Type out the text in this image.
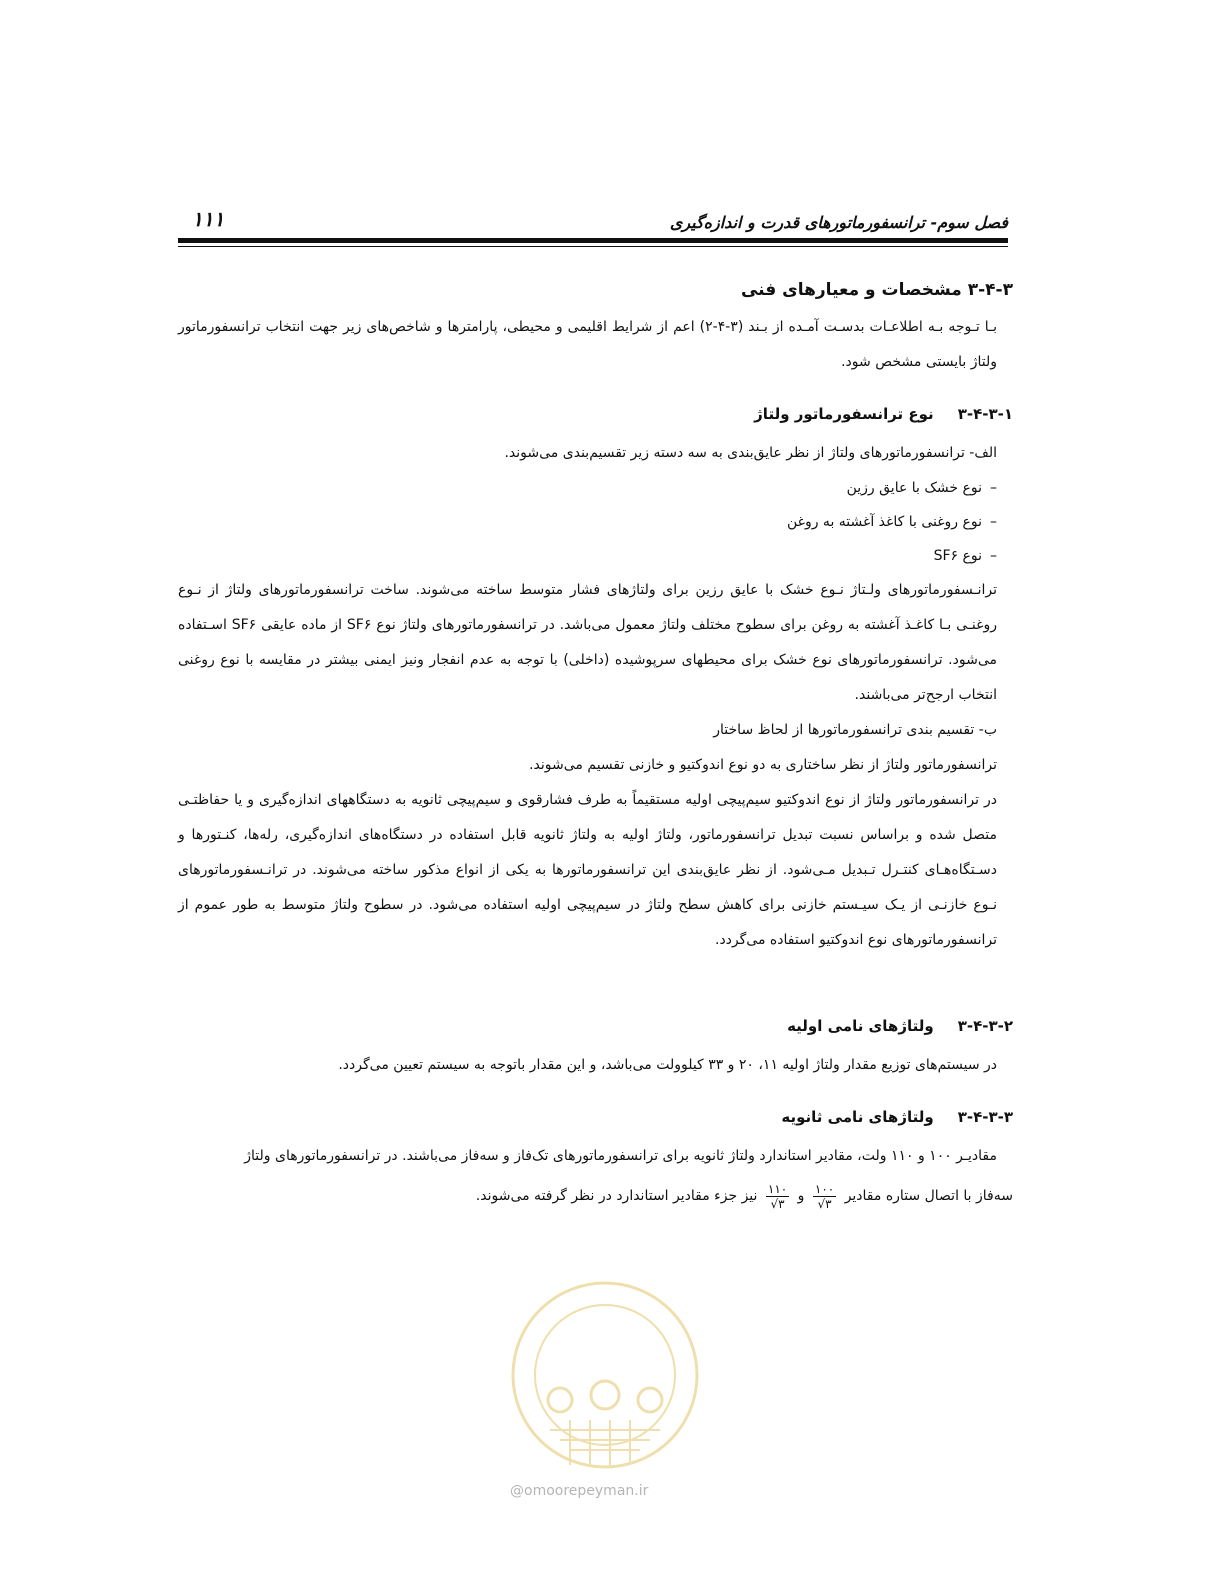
فصل سوم- ترانسفورماتورهای قدرت و اندازه‌گیری
۱۱۱
۳-۴-۳ مشخصات و معیارهای فنی

بـا تـوجه بـه اطلاعـات بدسـت آمـده از بـند (۳-۴-۲) اعم از شرایط اقلیمی و محیطی، پارامترها و شاخص‌های زیر جهت انتخاب ترانسفورماتور ولتاژ بایستی مشخص شود.

۳-۴-۳-۱نوع ترانسفورماتور ولتاژ

الف- ترانسفورماتورهای ولتاژ از نظر عایق‌بندی به سه دسته زیر تقسیم‌بندی می‌شوند.

–نوع خشک با عایق رزین

–نوع روغنی با کاغذ آغشته به روغن

–نوع SF۶

ترانـسفورماتورهای ولـتاژ نـوع خشک با عایق رزین برای ولتاژهای فشار متوسط ساخته می‌شوند. ساخت ترانسفورماتورهای ولتاژ از نـوع روغنـی بـا کاغـذ آغشته به روغن برای سطوح مختلف ولتاژ معمول می‌باشد. در ترانسفورماتورهای ولتاژ نوع SF۶ از ماده عایقی SF۶ اسـتفاده می‌شود. ترانسفورماتورهای نوع خشک برای محیطهای سرپوشیده (داخلی) با توجه به عدم انفجار ونیز ایمنی بیشتر در مقایسه با نوع روغنی انتخاب ارجح‌تر می‌باشند.

ب- تقسیم بندی ترانسفورماتورها از لحاظ ساختار

ترانسفورماتور ولتاژ از نظر ساختاری به دو نوع اندوکتیو و خازنی تقسیم می‌شوند.

در ترانسفورماتور ولتاژ از نوع اندوکتیو سیم‌پیچی اولیه مستقیماً به طرف فشارقوی و سیم‌پیچی ثانویه به دستگاههای اندازه‌گیری و یا حفاظتـی متصل شده و براساس نسبت تبدیل ترانسفورماتور، ولتاژ اولیه به ولتاژ ثانویه قابل استفاده در دستگاه‌های اندازه‌گیری، رله‌ها، کنـتورها و دسـتگاه‌هـای کنتـرل تـبدیل مـی‌شود. از نظر عایق‌بندی این ترانسفورماتورها به یکی از انواع مذکور ساخته می‌شوند. در ترانـسفورماتورهای نـوع خازنـی از یـک سیـستم خازنی برای کاهش سطح ولتاژ در سیم‌پیچی اولیه استفاده می‌شود. در سطوح ولتاژ متوسط به طور عموم از ترانسفورماتورهای نوع اندوکتیو استفاده می‌گردد.

۳-۴-۳-۲ولتاژهای نامی اولیه

در سیستم‌های توزیع مقدار ولتاژ اولیه ۱۱، ۲۰ و ۳۳ کیلوولت می‌باشد، و این مقدار باتوجه به سیستم تعیین می‌گردد.

۳-۴-۳-۳ولتاژهای نامی ثانویه

مقادیـر ۱۰۰ و ۱۱۰ ولت، مقادیر استاندارد ولتاژ ثانویه برای ترانسفورماتورهای تک‌فاز و سه‌فاز می‌باشند. در ترانسفورماتورهای ولتاژ

سه‌فاز با اتصال ستاره مقادیر
$\frac{۱۰۰}{√۳}$
و
$\frac{۱۱۰}{√۳}$
نیز جزء مقادیر استاندارد در نظر گرفته می‌شوند.

@omoorepeyman.ir
